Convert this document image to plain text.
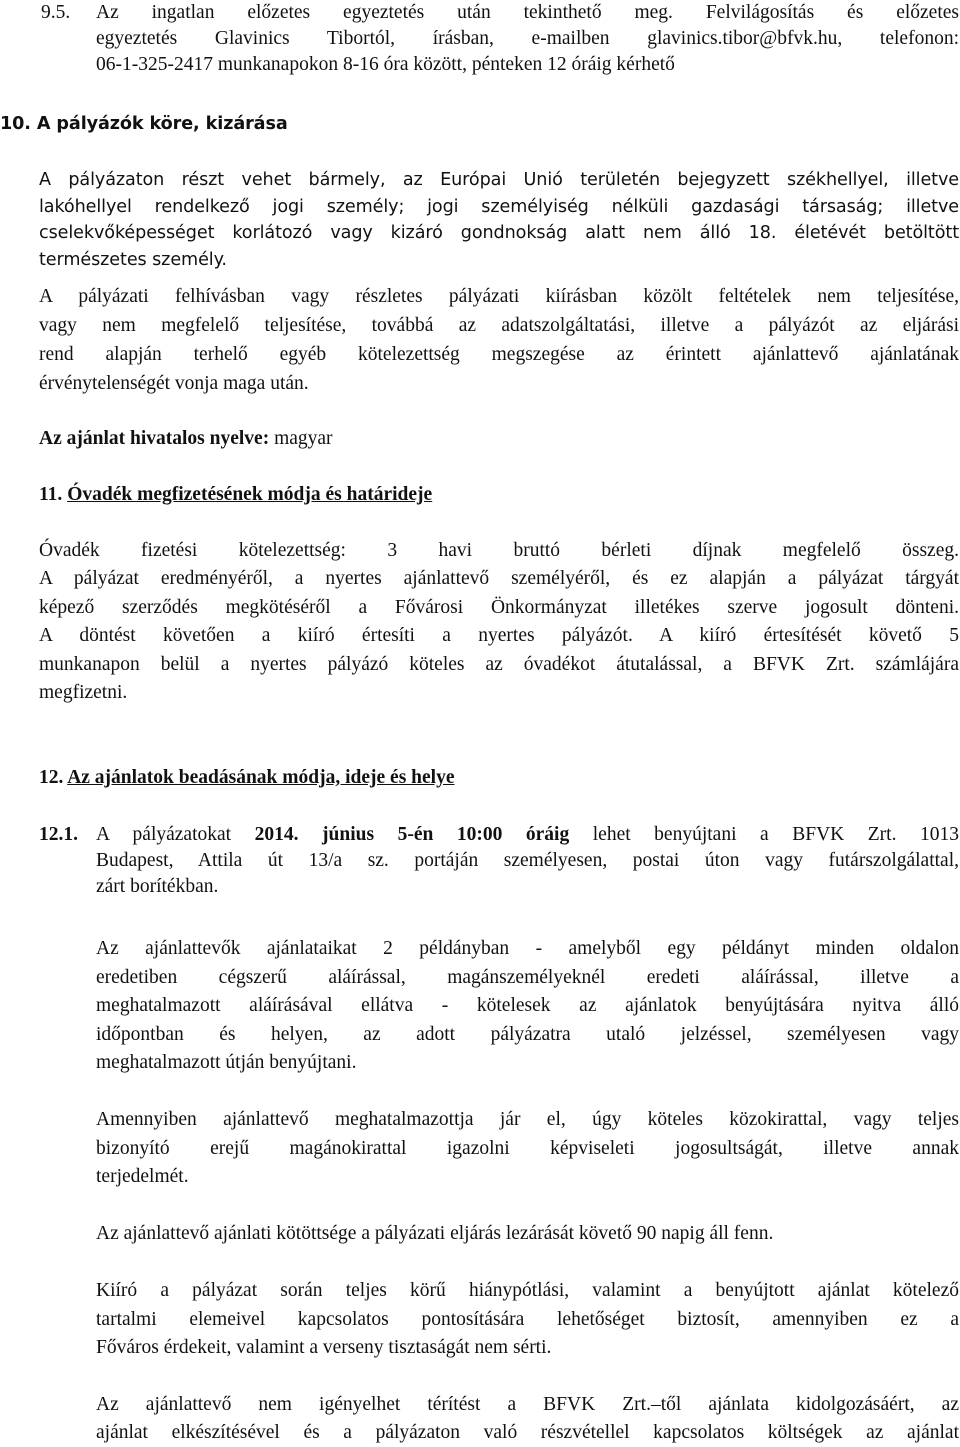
9.5. Az ingatlan előzetes egyeztetés után tekinthető meg. Felvilágosítás és előzetes
egyeztetés Glavinics Tibortól, írásban, e-mailben glavinics.tibor@bfvk.hu, telefonon:
06-1-325-2417 munkanapokon 8-16 óra között, pénteken 12 óráig kérhető
10. A pályázók köre, kizárása
A pályázaton részt vehet bármely, az Európai Unió területén bejegyzett székhellyel, illetve
lakóhellyel rendelkező jogi személy; jogi személyiség nélküli gazdasági társaság; illetve
cselekvőképességet korlátozó vagy kizáró gondnokság alatt nem álló 18. életévét betöltött
természetes személy.
A pályázati felhívásban vagy részletes pályázati kiírásban közölt feltételek nem teljesítése,
vagy nem megfelelő teljesítése, továbbá az adatszolgáltatási, illetve a pályázót az eljárási
rend alapján terhelő egyéb kötelezettség megszegése az érintett ajánlattevő ajánlatának
érvénytelenségét vonja maga után.
Az ajánlat hivatalos nyelve: magyar
11. Óvadék megfizetésének módja és határideje
Óvadék fizetési kötelezettség: 3 havi bruttó bérleti díjnak megfelelő összeg.
A pályázat eredményéről, a nyertes ajánlattevő személyéről, és ez alapján a pályázat tárgyát
képező szerződés megkötéséről a Fővárosi Önkormányzat illetékes szerve jogosult dönteni.
A döntést követően a kiíró értesíti a nyertes pályázót. A kiíró értesítését követő 5
munkanapon belül a nyertes pályázó köteles az óvadékot átutalással, a BFVK Zrt. számlájára
megfizetni.
12. Az ajánlatok beadásának módja, ideje és helye
12.1. A pályázatokat 2014. június 5-én 10:00 óráig lehet benyújtani a BFVK Zrt. 1013
Budapest, Attila út 13/a sz. portáján személyesen, postai úton vagy futárszolgálattal,
zárt borítékban.
Az ajánlattevők ajánlataikat 2 példányban - amelyből egy példányt minden oldalon
eredetiben cégszerű aláírással, magánszemélyeknél eredeti aláírással, illetve a
meghatalmazott aláírásával ellátva - kötelesek az ajánlatok benyújtására nyitva álló
időpontban és helyen, az adott pályázatra utaló jelzéssel, személyesen vagy
meghatalmazott útján benyújtani.
Amennyiben ajánlattevő meghatalmazottja jár el, úgy köteles közokirattal, vagy teljes
bizonyító erejű magánokirattal igazolni képviseleti jogosultságát, illetve annak
terjedelmét.
Az ajánlattevő ajánlati kötöttsége a pályázati eljárás lezárását követő 90 napig áll fenn.
Kiíró a pályázat során teljes körű hiánypótlási, valamint a benyújtott ajánlat kötelező
tartalmi elemeivel kapcsolatos pontosítására lehetőséget biztosít, amennyiben ez a
Főváros érdekeit, valamint a verseny tisztaságát nem sérti.
Az ajánlattevő nem igényelhet térítést a BFVK Zrt.–től ajánlata kidolgozásáért, az
ajánlat elkészítésével és a pályázaton való részvétellel kapcsolatos költségek az ajánlat
